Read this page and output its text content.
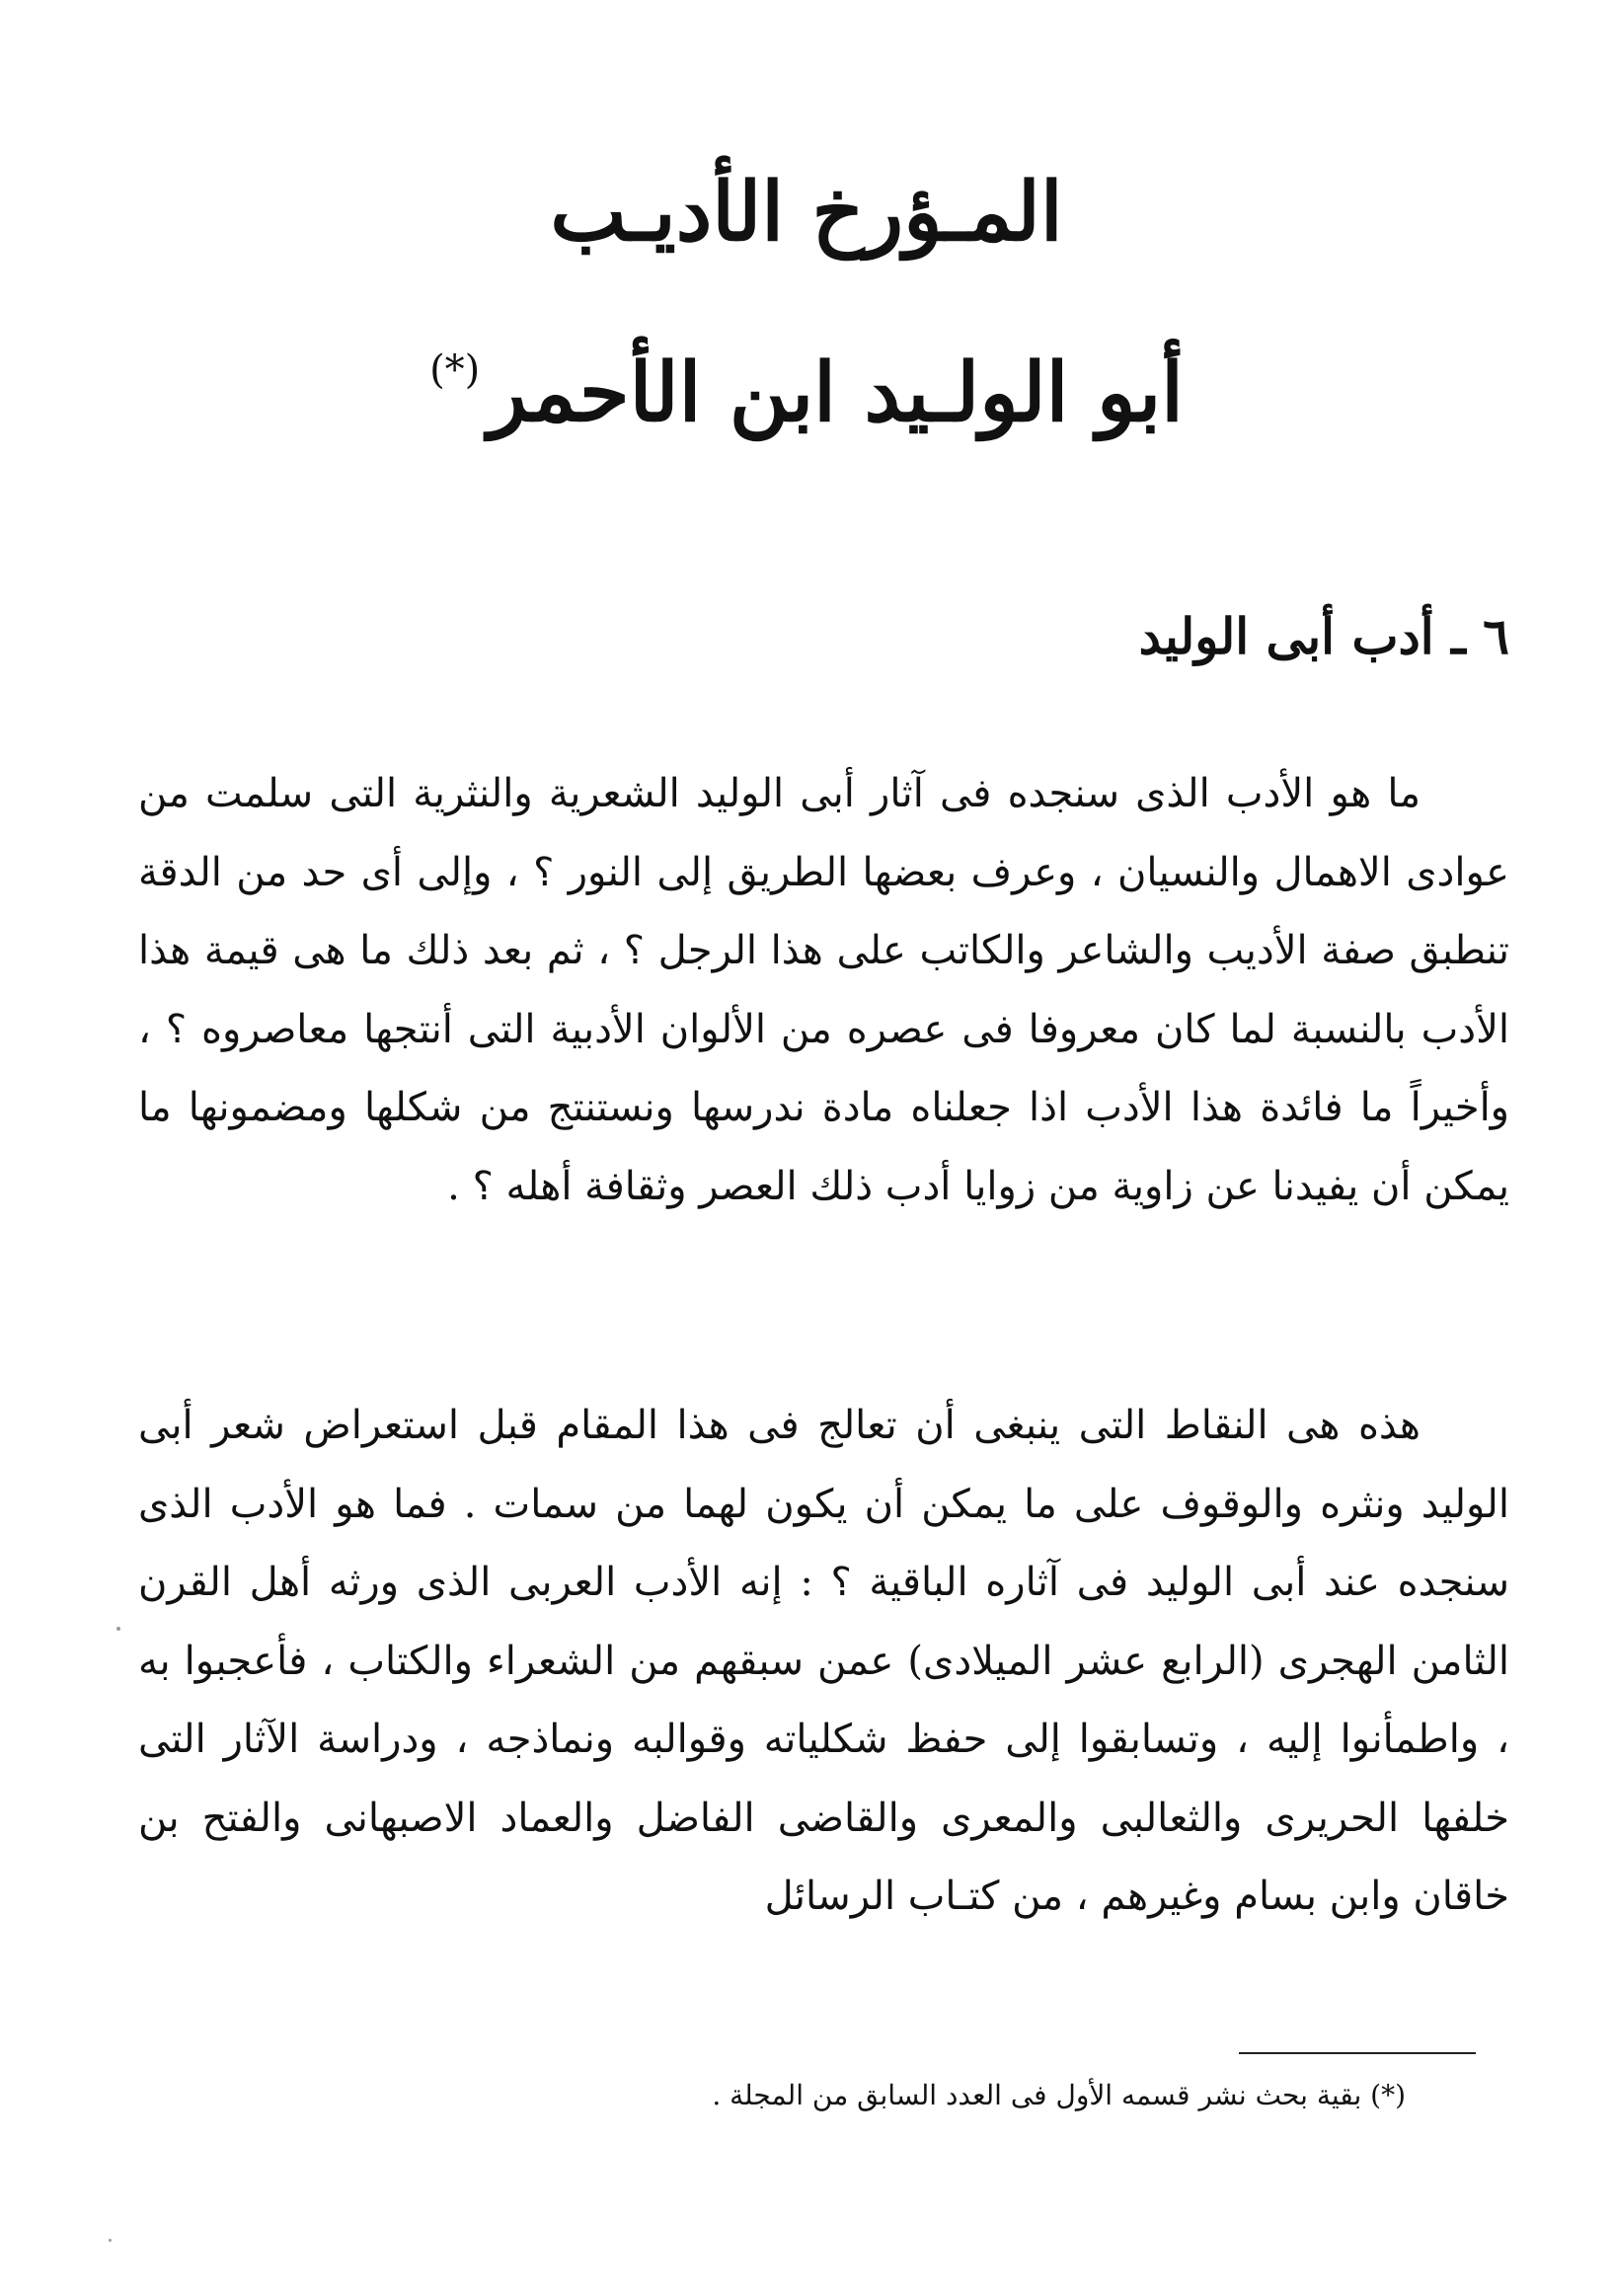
المـؤرخ الأديـب
أبو الولـيد ابن الأحمر(*)
٦ ـ أدب أبى الوليد

ما هو الأدب الذى سنجده فى آثار أبى الوليد الشعرية والنثرية التى سلمت من عوادى الاهمال والنسيان ، وعرف بعضها الطريق إلى النور ؟ ، وإلى أى حد من الدقة تنطبق صفة الأديب والشاعر والكاتب على هذا الرجل ؟ ، ثم بعد ذلك ما هى قيمة هذا الأدب بالنسبة لما كان معروفا فى عصره من الألوان الأدبية التى أنتجها معاصروه ؟ ، وأخيراً ما فائدة هذا الأدب اذا جعلناه مادة ندرسها ونستنتج من شكلها ومضمونها ما يمكن أن يفيدنا عن زاوية من زوايا أدب ذلك العصر وثقافة أهله ؟ .

هذه هى النقاط التى ينبغى أن تعالج فى هذا المقام قبل استعراض شعر أبى الوليد ونثره والوقوف على ما يمكن أن يكون لهما من سمات . فما هو الأدب الذى سنجده عند أبى الوليد فى آثاره الباقية ؟ : إنه الأدب العربى الذى ورثه أهل القرن الثامن الهجرى (الرابع عشر الميلادى) عمن سبقهم من الشعراء والكتاب ، فأعجبوا به ، واطمأنوا إليه ، وتسابقوا إلى حفظ شكلياته وقوالبه ونماذجه ، ودراسة الآثار التى خلفها الحريرى والثعالبى والمعرى والقاضى الفاضل والعماد الاصبهانى والفتح بن خاقان وابن بسام وغيرهم ، من كتـاب الرسائل

(*) بقية بحث نشر قسمه الأول فى العدد السابق من المجلة .
